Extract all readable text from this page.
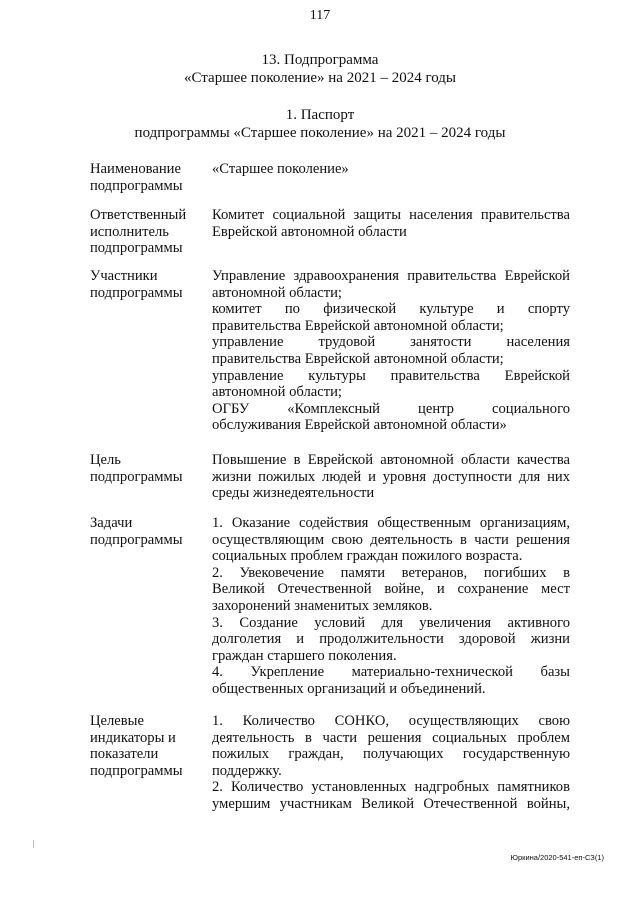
117
13. Подпрограмма
«Старшее поколение» на 2021 – 2024 годы
1. Паспорт
подпрограммы «Старшее поколение» на 2021 – 2024 годы
Наименование
подпрограммы
«Старшее поколение»
Ответственный
исполнитель
подпрограммы
Комитет социальной защиты населения правительства
Еврейской автономной области
Участники
подпрограммы
Управление здравоохранения правительства Еврейской
автономной области;
комитет по физической культуре и спорту
правительства Еврейской автономной области;
управление трудовой занятости населения
правительства Еврейской автономной области;
управление культуры правительства Еврейской
автономной области;
ОГБУ «Комплексный центр социального
обслуживания Еврейской автономной области»
Цель
подпрограммы
Повышение в Еврейской автономной области качества
жизни пожилых людей и уровня доступности для них
среды жизнедеятельности
Задачи
подпрограммы
1. Оказание содействия общественным организациям,
осуществляющим свою деятельность в части решения
социальных проблем граждан пожилого возраста.
2. Увековечение памяти ветеранов, погибших в
Великой Отечественной войне, и сохранение мест
захоронений знаменитых земляков.
3. Создание условий для увеличения активного
долголетия и продолжительности здоровой жизни
граждан старшего поколения.
4. Укрепление материально-технической базы
общественных организаций и объединений.
Целевые
индикаторы и
показатели
подпрограммы
1. Количество СОНКО, осуществляющих свою
деятельность в части решения социальных проблем
пожилых граждан, получающих государственную
поддержку.
2. Количество установленных надгробных памятников
умершим участникам Великой Отечественной войны,
Юркина/2020-541-еп-СЗ(1)
